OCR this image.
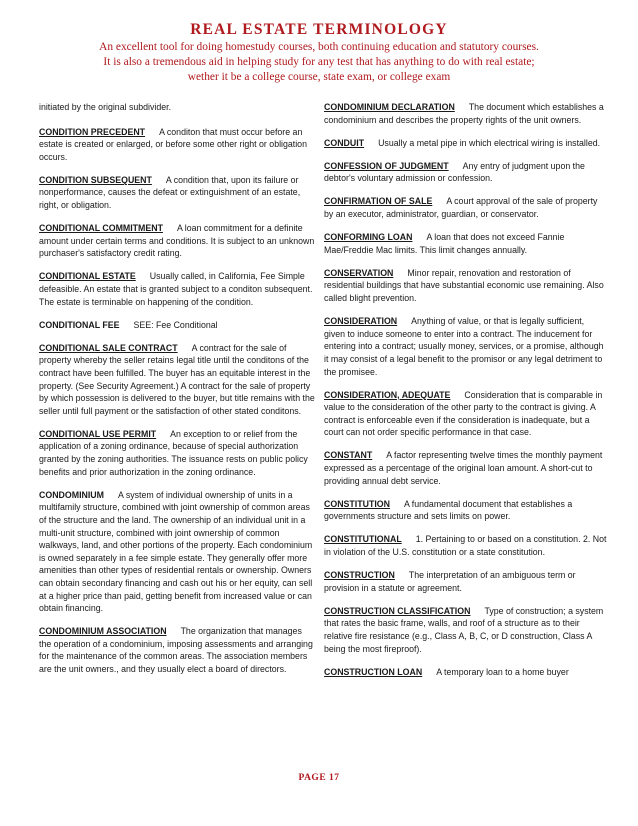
REAL ESTATE TERMINOLOGY
An excellent tool for doing homestudy courses, both continuing education and statutory courses.
It is also a tremendous aid in helping study for any test that has anything to do with real estate;
wether it be a college course, state exam, or college exam
initiated by the original subdivider.
CONDITION PRECEDENT A conditon that must occur before an estate is created or enlarged, or before some other right or obligation occurs.
CONDITION SUBSEQUENT A condition that, upon its failure or nonperformance, causes the defeat or extinguishment of an estate, right, or obligation.
CONDITIONAL COMMITMENT A loan commitment for a definite amount under certain terms and conditions. It is subject to an unknown purchaser's satisfactory credit rating.
CONDITIONAL ESTATE Usually called, in California, Fee Simple defeasible. An estate that is granted subject to a conditon subsequent. The estate is terminable on happening of the condition.
CONDITIONAL FEE SEE: Fee Conditional
CONDITIONAL SALE CONTRACT A contract for the sale of property whereby the seller retains legal title until the conditons of the contract have been fulfilled. The buyer has an equitable interest in the property. (See Security Agreement.) A contract for the sale of property by which possession is delivered to the buyer, but title remains with the seller until full payment or the satisfaction of other stated conditons.
CONDITIONAL USE PERMIT An exception to or relief from the application of a zoning ordinance, because of special authorization granted by the zoning authorities. The issuance rests on public policy benefits and prior authorization in the zoning ordinance.
CONDOMINIUM A system of individual ownership of units in a multifamily structure, combined with joint ownership of common areas of the structure and the land. The ownership of an individual unit in a multi-unit structure, combined with joint ownership of common walkways, land, and other portions of the property. Each condominium is owned separately in a fee simple estate. They generally offer more amenities than other types of residential rentals or ownership. Owners can obtain secondary financing and cash out his or her equity, can sell at a higher price than paid, getting benefit from increased value or can obtain financing.
CONDOMINIUM ASSOCIATION The organization that manages the operation of a condominium, imposing assessments and arranging for the maintenance of the common areas. The association members are the unit owners., and they usually elect a board of directors.
CONDOMINIUM DECLARATION The document which establishes a condominium and describes the property rights of the unit owners.
CONDUIT Usually a metal pipe in which electrical wiring is installed.
CONFESSION OF JUDGMENT Any entry of judgment upon the debtor's voluntary admission or confession.
CONFIRMATION OF SALE A court approval of the sale of property by an executor, administrator, guardian, or conservator.
CONFORMING LOAN A loan that does not exceed Fannie Mae/Freddie Mac limits. This limit changes annually.
CONSERVATION Minor repair, renovation and restoration of residential buildings that have substantial economic use remaining. Also called blight prevention.
CONSIDERATION Anything of value, or that is legally sufficient, given to induce someone to enter into a contract. The inducement for entering into a contract; usually money, services, or a promise, although it may consist of a legal benefit to the promisor or any legal detriment to the promisee.
CONSIDERATION, ADEQUATE Consideration that is comparable in value to the consideration of the other party to the contract is giving. A contract is enforceable even if the consideration is inadequate, but a court can not order specific performance in that case.
CONSTANT A factor representing twelve times the monthly payment expressed as a percentage of the original loan amount. A short-cut to providing annual debt service.
CONSTITUTION A fundamental document that establishes a governments structure and sets limits on power.
CONSTITUTIONAL 1. Pertaining to or based on a constitution. 2. Not in violation of the U.S. constitution or a state constitution.
CONSTRUCTION The interpretation of an ambiguous term or provision in a statute or agreement.
CONSTRUCTION CLASSIFICATION Type of construction; a system that rates the basic frame, walls, and roof of a structure as to their relative fire resistance (e.g., Class A, B, C, or D construction, Class A being the most fireproof).
CONSTRUCTION LOAN A temporary loan to a home buyer
PAGE 17
